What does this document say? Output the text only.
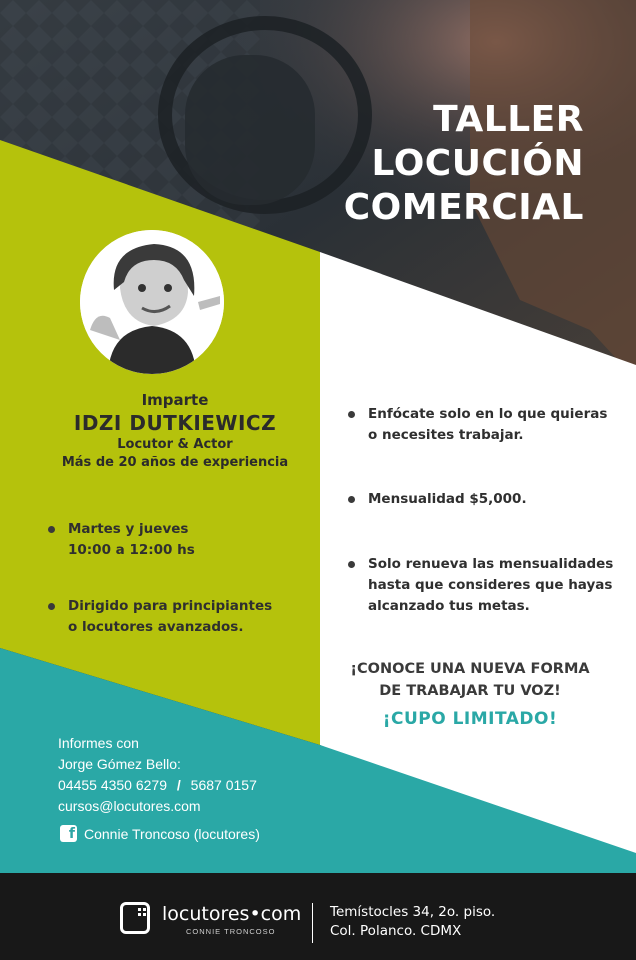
TALLER
LOCUCIÓN
COMERCIAL
Imparte
IDZI DUTKIEWICZ
Locutor & Actor
Más de 20 años de experiencia
Martes y jueves
10:00 a 12:00 hs
Dirigido para principiantes
o locutores avanzados.
Enfócate solo en lo que quieras
o necesites trabajar.
Mensualidad $5,000.
Solo renueva las mensualidades
hasta que consideres que hayas
alcanzado tus metas.
¡CONOCE UNA NUEVA FORMA
DE TRABAJAR TU VOZ!
¡CUPO LIMITADO!
Informes con
Jorge Gómez Bello:
04455 4350 6279 / 5687 0157
cursos@locutores.com
f Connie Troncoso (locutores)
locutores•com
CONNIE TRONCOSO
Temístocles 34, 2o. piso.
Col. Polanco. CDMX
